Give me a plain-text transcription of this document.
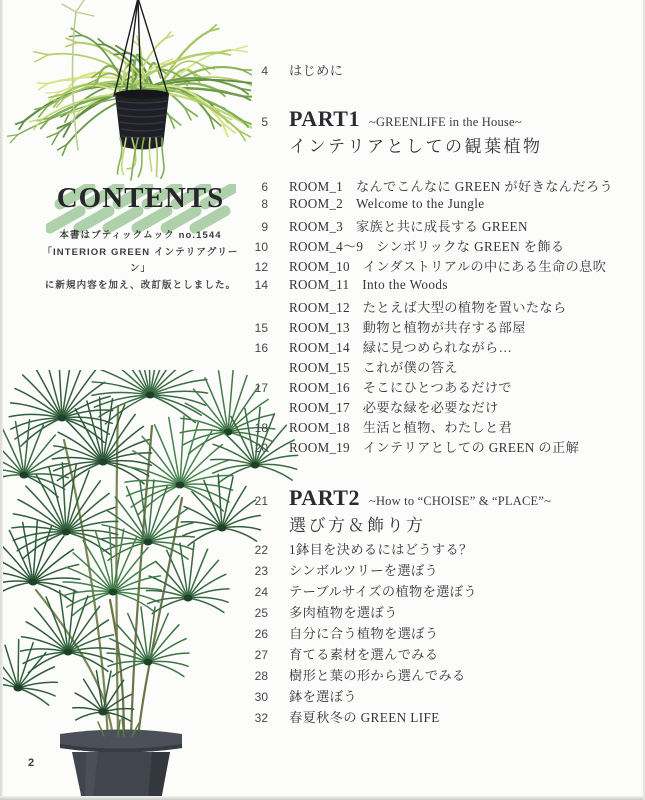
CONTENTS
本書はブティックムック no.1544
「INTERIOR GREEN インテリアグリーン」
に新規内容を加え、改訂版としました。
2
4 はじめに
5 PART1 ~GREENLIFE in the House~
インテリアとしての観葉植物
6 ROOM_1 なんでこんなに GREEN が好きなんだろう
8 ROOM_2 Welcome to the Jungle
9 ROOM_3 家族と共に成長する GREEN
10 ROOM_4～9 シンボリックな GREEN を飾る
12 ROOM_10 インダストリアルの中にある生命の息吹
14 ROOM_11 Into the Woods
ROOM_12 たとえば大型の植物を置いたなら
15 ROOM_13 動物と植物が共存する部屋
16 ROOM_14 緑に見つめられながら…
ROOM_15 これが僕の答え
17 ROOM_16 そこにひとつあるだけで
ROOM_17 必要な緑を必要なだけ
18 ROOM_18 生活と植物、わたしと君
20 ROOM_19 インテリアとしての GREEN の正解
21 PART2 ~How to “CHOISE” & “PLACE”~
選び方＆飾り方
22 1鉢目を決めるにはどうする？
23 シンボルツリーを選ぼう
24 テーブルサイズの植物を選ぼう
25 多肉植物を選ぼう
26 自分に合う植物を選ぼう
27 育てる素材を選んでみる
28 樹形と葉の形から選んでみる
30 鉢を選ぼう
32 春夏秋冬の GREEN LIFE
